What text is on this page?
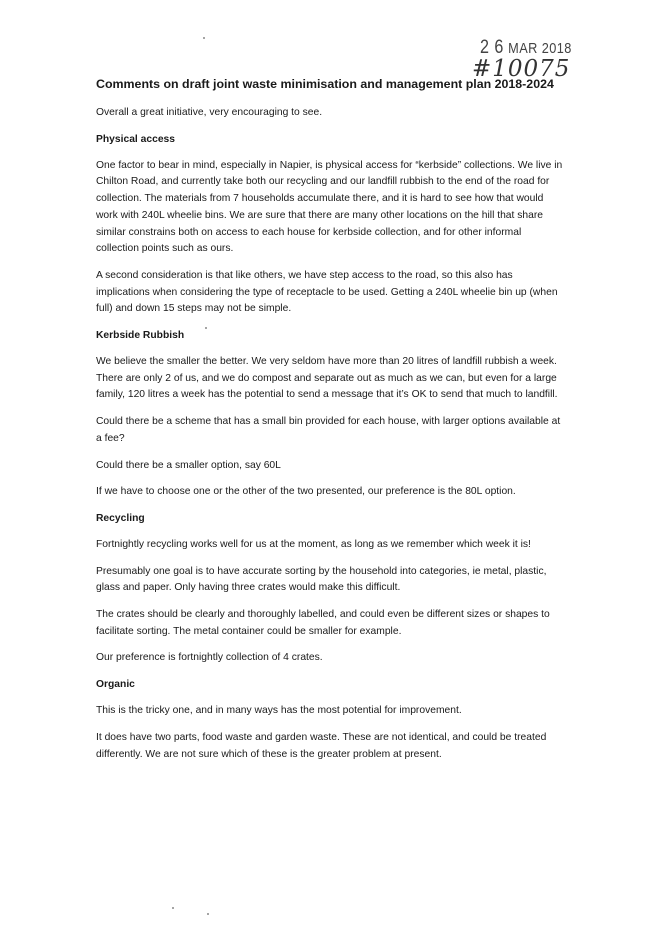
2 6 MAR 2018
#10075
Comments on draft joint waste minimisation and management plan 2018-2024
Overall a great initiative, very encouraging to see.
Physical access
One factor to bear in mind, especially in Napier, is physical access for “kerbside” collections. We live in Chilton Road, and currently take both our recycling and our landfill rubbish to the end of the road for collection. The materials from 7 households accumulate there, and it is hard to see how that would work with 240L wheelie bins. We are sure that there are many other locations on the hill that share similar constrains both on access to each house for kerbside collection, and for other informal collection points such as ours.
A second consideration is that like others, we have step access to the road, so this also has implications when considering the type of receptacle to be used. Getting a 240L wheelie bin up (when full) and down 15 steps may not be simple.
Kerbside Rubbish
We believe the smaller the better. We very seldom have more than 20 litres of landfill rubbish a week. There are only 2 of us, and we do compost and separate out as much as we can, but even for a large family, 120 litres a week has the potential to send a message that it’s OK to send that much to landfill.
Could there be a scheme that has a small bin provided for each house, with larger options available at a fee?
Could there be a smaller option, say 60L
If we have to choose one or the other of the two presented, our preference is the 80L option.
Recycling
Fortnightly recycling works well for us at the moment, as long as we remember which week it is!
Presumably one goal is to have accurate sorting by the household into categories, ie metal, plastic, glass and paper. Only having three crates would make this difficult.
The crates should be clearly and thoroughly labelled, and could even be different sizes or shapes to facilitate sorting. The metal container could be smaller for example.
Our preference is fortnightly collection of 4 crates.
Organic
This is the tricky one, and in many ways has the most potential for improvement.
It does have two parts, food waste and garden waste. These are not identical, and could be treated differently. We are not sure which of these is the greater problem at present.
